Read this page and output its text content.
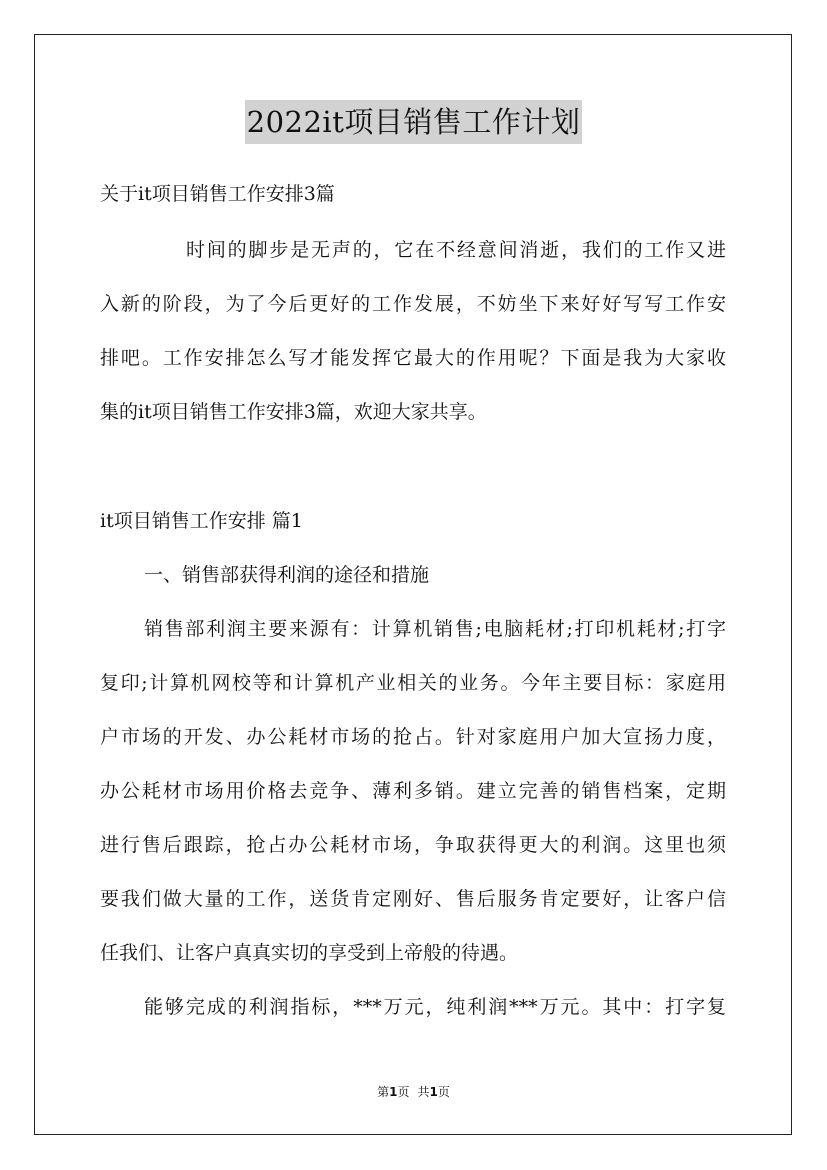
2022it项目销售工作计划
关于it项目销售工作安排3篇
时间的脚步是无声的，它在不经意间消逝，我们的工作又进
入新的阶段，为了今后更好的工作发展，不妨坐下来好好写写工作安
排吧。工作安排怎么写才能发挥它最大的作用呢？下面是我为大家收
集的it项目销售工作安排3篇，欢迎大家共享。
it项目销售工作安排 篇1
一、销售部获得利润的途径和措施
销售部利润主要来源有：计算机销售;电脑耗材;打印机耗材;打字
复印;计算机网校等和计算机产业相关的业务。今年主要目标：家庭用
户市场的开发、办公耗材市场的抢占。针对家庭用户加大宣扬力度，
办公耗材市场用价格去竞争、薄利多销。建立完善的销售档案，定期
进行售后跟踪，抢占办公耗材市场，争取获得更大的利润。这里也须
要我们做大量的工作，送货肯定刚好、售后服务肯定要好，让客户信
任我们、让客户真真实切的享受到上帝般的待遇。
能够完成的利润指标，***万元，纯利润***万元。其中：打字复
第1页 共1页
